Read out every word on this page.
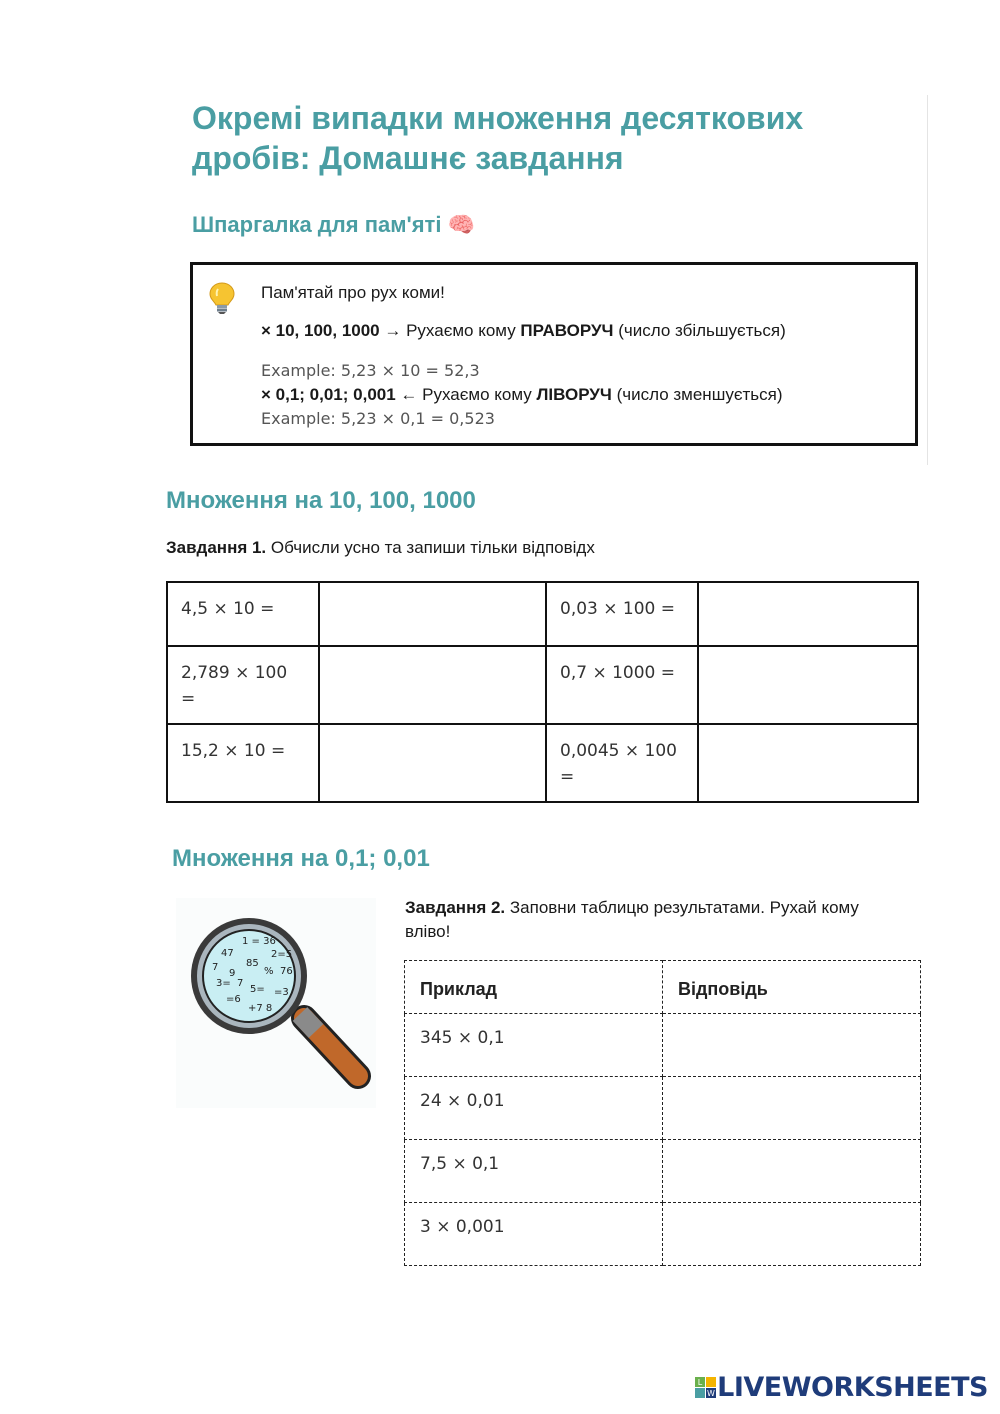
Окремі випадки множення десяткових
дробів: Домашнє завдання
Шпаргалка для пам'яті 🧠
Пам'ятай про рух коми!
× 10, 100, 1000 → Рухаємо кому ПРАВОРУЧ (число збільшується)
Example: 5,23 × 10 = 52,3
× 0,1; 0,01; 0,001 ← Рухаємо кому ЛІВОРУЧ (число зменшується)
Example: 5,23 × 0,1 = 0,523
Множення на 10, 100, 1000
Завдання 1. Обчисли усно та запиши тільки відповідх
4,5 × 10 =		0,03 × 100 =	
2,789 × 100 =		0,7 × 1000 =	
15,2 × 10 =		0,0045 × 100 =	
Множення на 0,1; 0,01
1 = 36
47	2=5
85
7
9	% 76
3= 7
5= =3
=6
+7 8
Завдання 2. Заповни таблицю результатами. Рухай кому вліво!
Приклад	Відповідь
345 × 0,1	
24 × 0,01	
7,5 × 0,1	
3 × 0,001	
L
W LIVEWORKSHEETS
